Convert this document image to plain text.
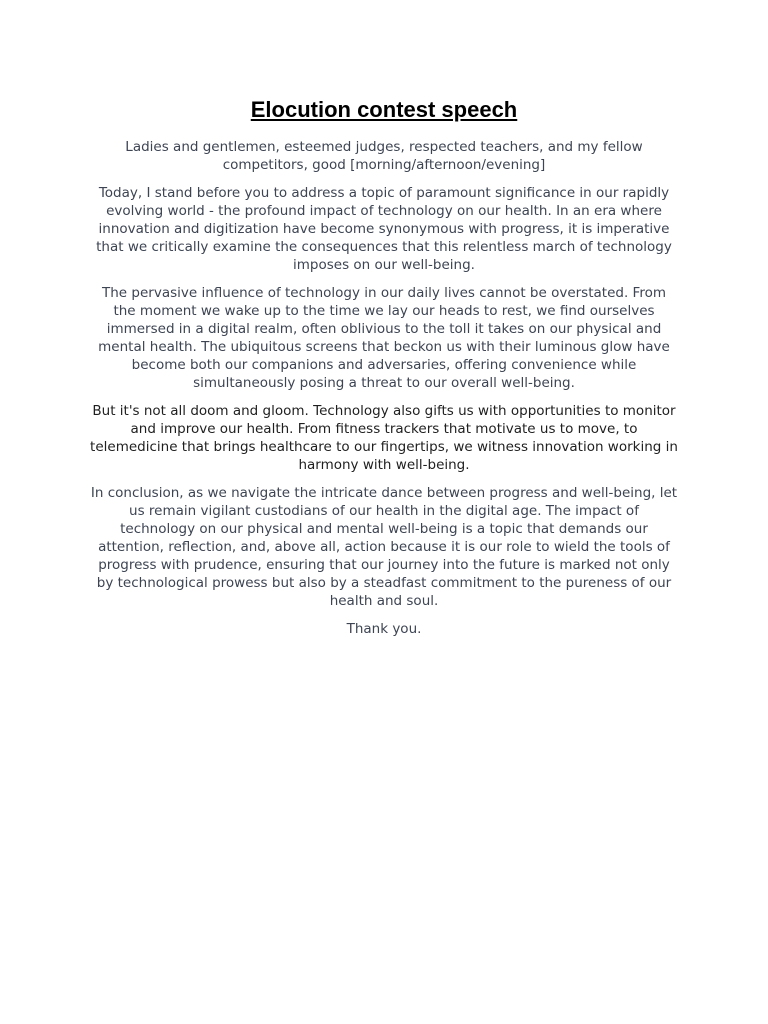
Elocution contest speech

Ladies and gentlemen, esteemed judges, respected teachers, and my fellow competitors, good [morning/afternoon/evening]

Today, I stand before you to address a topic of paramount significance in our rapidly evolving world - the profound impact of technology on our health. In an era where innovation and digitization have become synonymous with progress, it is imperative that we critically examine the consequences that this relentless march of technology imposes on our well-being.

The pervasive influence of technology in our daily lives cannot be overstated. From the moment we wake up to the time we lay our heads to rest, we find ourselves immersed in a digital realm, often oblivious to the toll it takes on our physical and mental health. The ubiquitous screens that beckon us with their luminous glow have become both our companions and adversaries, offering convenience while simultaneously posing a threat to our overall well-being.

But it's not all doom and gloom. Technology also gifts us with opportunities to monitor and improve our health. From fitness trackers that motivate us to move, to telemedicine that brings healthcare to our fingertips, we witness innovation working in harmony with well-being.

In conclusion, as we navigate the intricate dance between progress and well-being, let us remain vigilant custodians of our health in the digital age. The impact of technology on our physical and mental well-being is a topic that demands our attention, reflection, and, above all, action because it is our role to wield the tools of progress with prudence, ensuring that our journey into the future is marked not only by technological prowess but also by a steadfast commitment to the pureness of our health and soul.

Thank you.
